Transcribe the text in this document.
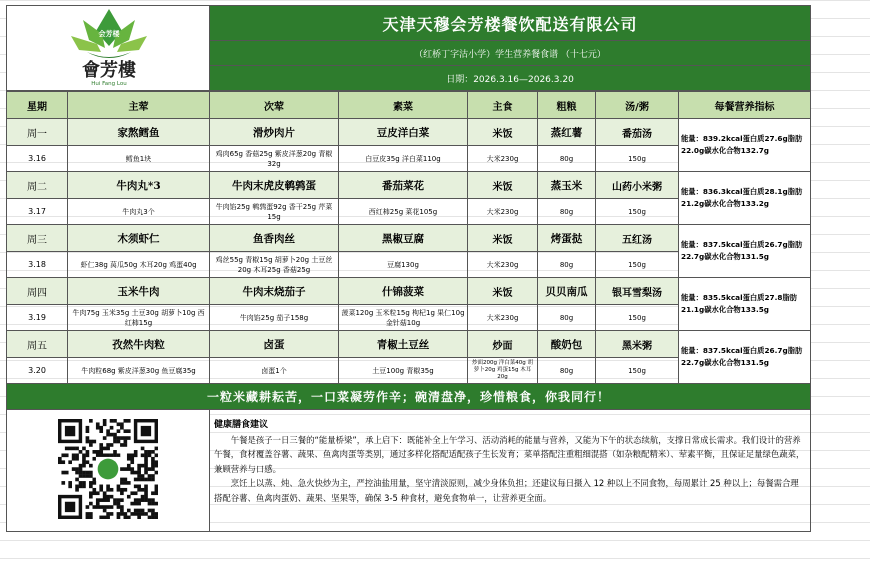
会芳楼
會芳樓
Hui Fang Lou
	天津天穆会芳楼餐饮配送有限公司
（红桥丁字沽小学）学生营养餐食谱 （十七元）
日期：2026.3.16—2026.3.20
星期	主荤	次荤	素菜	主食	粗粮	汤/粥	每餐营养指标
周一	家熬鳕鱼	滑炒肉片	豆皮洋白菜	米饭	蒸红薯	番茄汤	能量：839.2kcal蛋白质27.6g脂肪22.0g碳水化合物132.7g
3.16	鳕鱼1块	鸡肉65g 香菇25g 紫皮洋葱20g 青椒32g	白豆皮35g 洋白菜110g	大米230g	80g	150g	
周二	牛肉丸*3	牛肉末虎皮鹌鹑蛋	番茄菜花	米饭	蒸玉米	山药小米粥	能量：836.3kcal蛋白质28.1g脂肪21.2g碳水化合物133.2g
3.17	牛肉丸3个	牛肉馅25g 鹌鹑蛋92g 香干25g 芹菜15g	西红柿25g 菜花105g	大米230g	80g	150g	
周三	木须虾仁	鱼香肉丝	黑椒豆腐	米饭	烤蛋挞	五红汤	能量：837.5kcal蛋白质26.7g脂肪22.7g碳水化合物131.5g
3.18	虾仁38g 莴瓜50g 木耳20g 鸡蛋40g	鸡丝55g 青椒15g 胡萝卜20g 土豆丝20g 木耳25g 香菇25g	豆腐130g	大米230g	80g	150g	
周四	玉米牛肉	牛肉末烧茄子	什锦菠菜	米饭	贝贝南瓜	银耳雪梨汤	能量：835.5kcal蛋白质27.8脂肪21.1g碳水化合物133.5g
3.19	牛肉75g 玉米35g 土豆30g 胡萝卜10g 西红柿15g	牛肉馅25g 茄子158g	菠菜120g 玉米粒15g 枸杞1g 果仁10g 金针菇10g	大米230g	80g	150g	
周五	孜然牛肉粒	卤蛋	青椒土豆丝	炒面	酸奶包	黑米粥	能量：837.5kcal蛋白质26.7g脂肪22.7g碳水化合物131.5g
3.20	牛肉粒68g 紫皮洋葱30g 鱼豆腐35g	卤蛋1个	土豆100g 青椒35g	炒面200g 洋白菜40g 胡萝卜20g 鸡蛋15g 木耳20g	80g	150g	
一粒米藏耕耘苦，一口菜凝劳作辛；碗清盘净，珍惜粮食，你我同行！

健康膳食建议

午餐是孩子一日三餐的“能量桥梁”，承上启下：既能补全上午学习、活动消耗的能量与营养，又能为下午的状态续航，支撑日常成长需求。我们设计的营养午餐，食材覆盖谷薯、蔬果、鱼禽肉蛋等类别，通过多样化搭配适配孩子生长发育；菜单搭配注重粗细混搭（如杂粮配精米）、荤素平衡，且保证足量绿色蔬菜，兼顾营养与口感。

烹饪上以蒸、炖、急火快炒为主，严控油盐用量，坚守清淡原则，减少身体负担；还建议每日摄入 12 种以上不同食物，每周累计 25 种以上；每餐需合理搭配谷薯、鱼禽肉蛋奶、蔬果、坚果等，确保 3-5 种食材，避免食物单一，让营养更全面。
